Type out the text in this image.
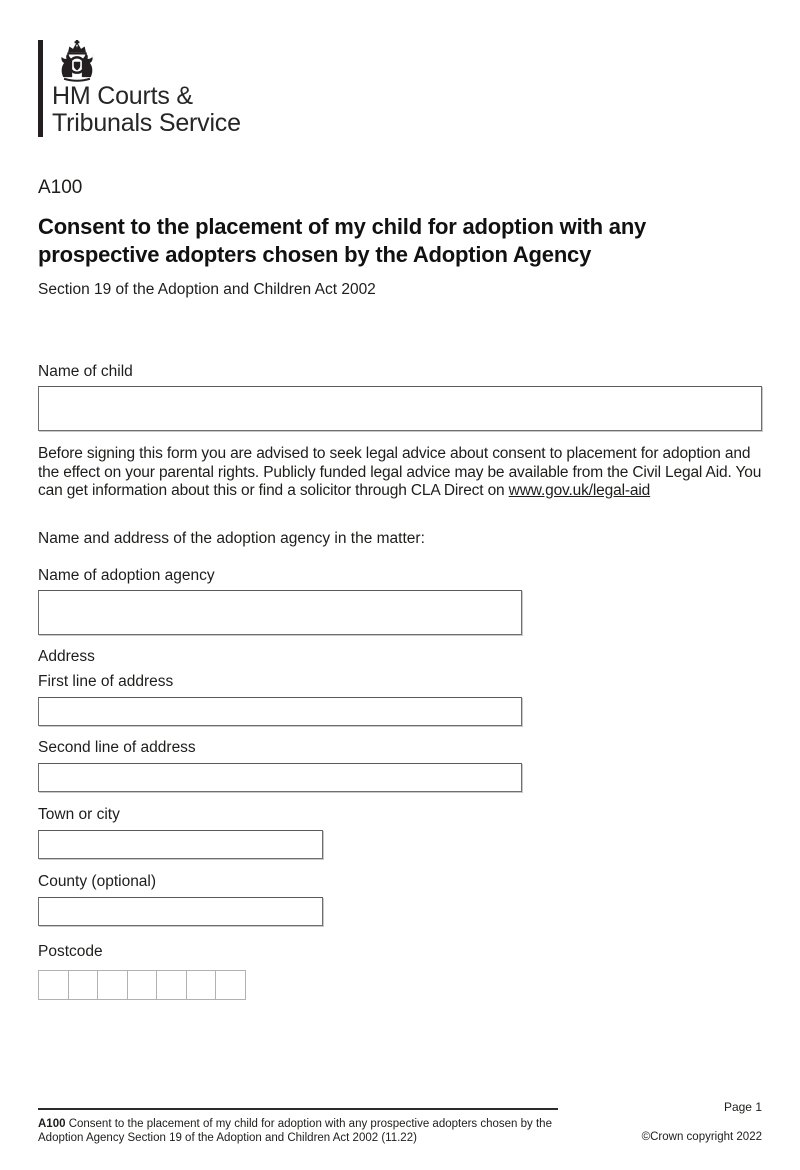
HM Courts &
Tribunals Service
A100
Consent to the placement of my child for adoption with any prospective adopters chosen by the Adoption Agency
Section 19 of the Adoption and Children Act 2002
Name of child

Before signing this form you are advised to seek legal advice about consent to placement for adoption and the effect on your parental rights. Publicly funded legal advice may be available from the Civil Legal Aid. You can get information about this or find a solicitor through CLA Direct on www.gov.uk/legal-aid

Name and address of the adoption agency in the matter:
Name of adoption agency
Address
First line of address
Second line of address
Town or city
County (optional)
Postcode
Page 1

A100 Consent to the placement of my child for adoption with any prospective adopters chosen by the Adoption Agency Section 19 of the Adoption and Children Act 2002 (11.22)	©Crown copyright 2022
